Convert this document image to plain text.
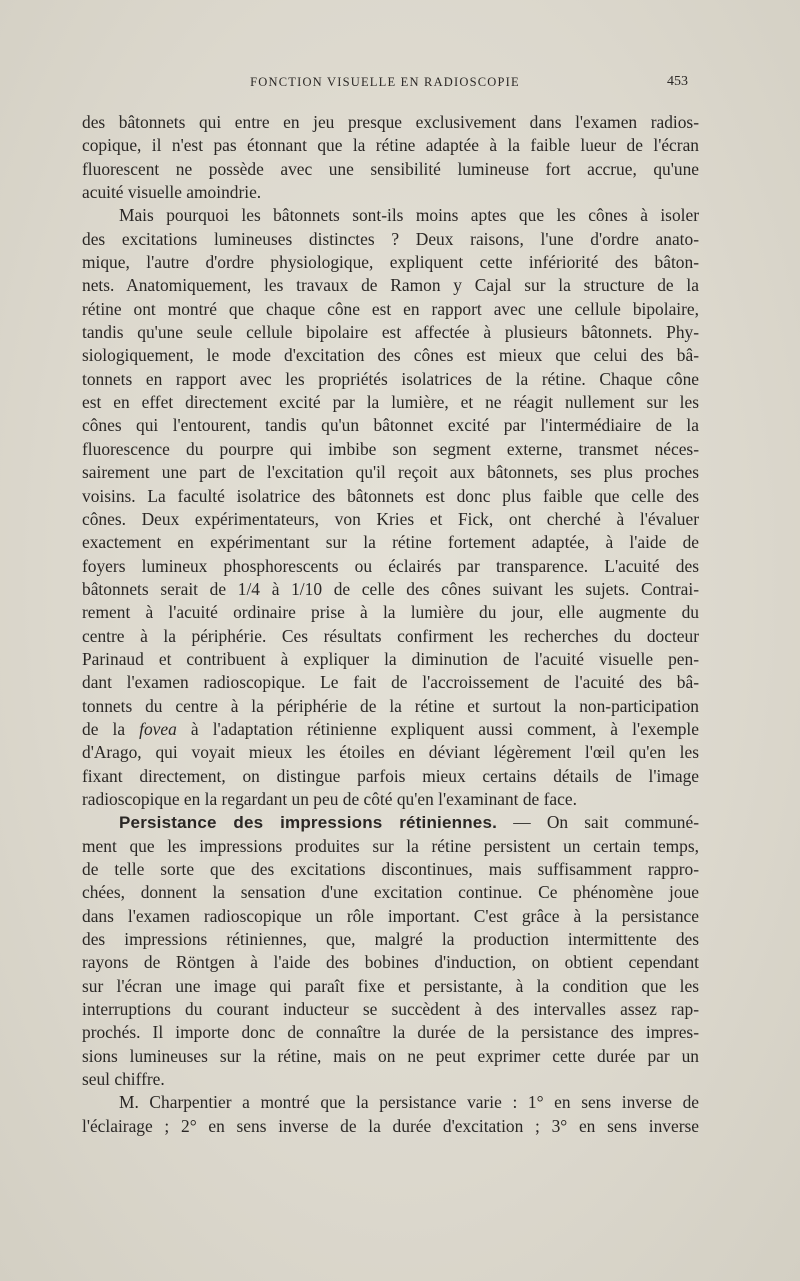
FONCTION VISUELLE EN RADIOSCOPIE	453
des bâtonnets qui entre en jeu presque exclusivement dans l'examen radios-
copique, il n'est pas étonnant que la rétine adaptée à la faible lueur de l'écran
fluorescent ne possède avec une sensibilité lumineuse fort accrue, qu'une
acuité visuelle amoindrie.
Mais pourquoi les bâtonnets sont-ils moins aptes que les cônes à isoler
des excitations lumineuses distinctes ? Deux raisons, l'une d'ordre anato-
mique, l'autre d'ordre physiologique, expliquent cette infériorité des bâton-
nets. Anatomiquement, les travaux de Ramon y Cajal sur la structure de la
rétine ont montré que chaque cône est en rapport avec une cellule bipolaire,
tandis qu'une seule cellule bipolaire est affectée à plusieurs bâtonnets. Phy-
siologiquement, le mode d'excitation des cônes est mieux que celui des bâ-
tonnets en rapport avec les propriétés isolatrices de la rétine. Chaque cône
est en effet directement excité par la lumière, et ne réagit nullement sur les
cônes qui l'entourent, tandis qu'un bâtonnet excité par l'intermédiaire de la
fluorescence du pourpre qui imbibe son segment externe, transmet néces-
sairement une part de l'excitation qu'il reçoit aux bâtonnets, ses plus proches
voisins. La faculté isolatrice des bâtonnets est donc plus faible que celle des
cônes. Deux expérimentateurs, von Kries et Fick, ont cherché à l'évaluer
exactement en expérimentant sur la rétine fortement adaptée, à l'aide de
foyers lumineux phosphorescents ou éclairés par transparence. L'acuité des
bâtonnets serait de 1/4 à 1/10 de celle des cônes suivant les sujets. Contrai-
rement à l'acuité ordinaire prise à la lumière du jour, elle augmente du
centre à la périphérie. Ces résultats confirment les recherches du docteur
Parinaud et contribuent à expliquer la diminution de l'acuité visuelle pen-
dant l'examen radioscopique. Le fait de l'accroissement de l'acuité des bâ-
tonnets du centre à la périphérie de la rétine et surtout la non-participation
de la fovea à l'adaptation rétinienne expliquent aussi comment, à l'exemple
d'Arago, qui voyait mieux les étoiles en déviant légèrement l'œil qu'en les
fixant directement, on distingue parfois mieux certains détails de l'image
radioscopique en la regardant un peu de côté qu'en l'examinant de face.
Persistance des impressions rétiniennes. — On sait communé-
ment que les impressions produites sur la rétine persistent un certain temps,
de telle sorte que des excitations discontinues, mais suffisamment rappro-
chées, donnent la sensation d'une excitation continue. Ce phénomène joue
dans l'examen radioscopique un rôle important. C'est grâce à la persistance
des impressions rétiniennes, que, malgré la production intermittente des
rayons de Röntgen à l'aide des bobines d'induction, on obtient cependant
sur l'écran une image qui paraît fixe et persistante, à la condition que les
interruptions du courant inducteur se succèdent à des intervalles assez rap-
prochés. Il importe donc de connaître la durée de la persistance des impres-
sions lumineuses sur la rétine, mais on ne peut exprimer cette durée par un
seul chiffre.
M. Charpentier a montré que la persistance varie : 1° en sens inverse de
l'éclairage ; 2° en sens inverse de la durée d'excitation ; 3° en sens inverse
